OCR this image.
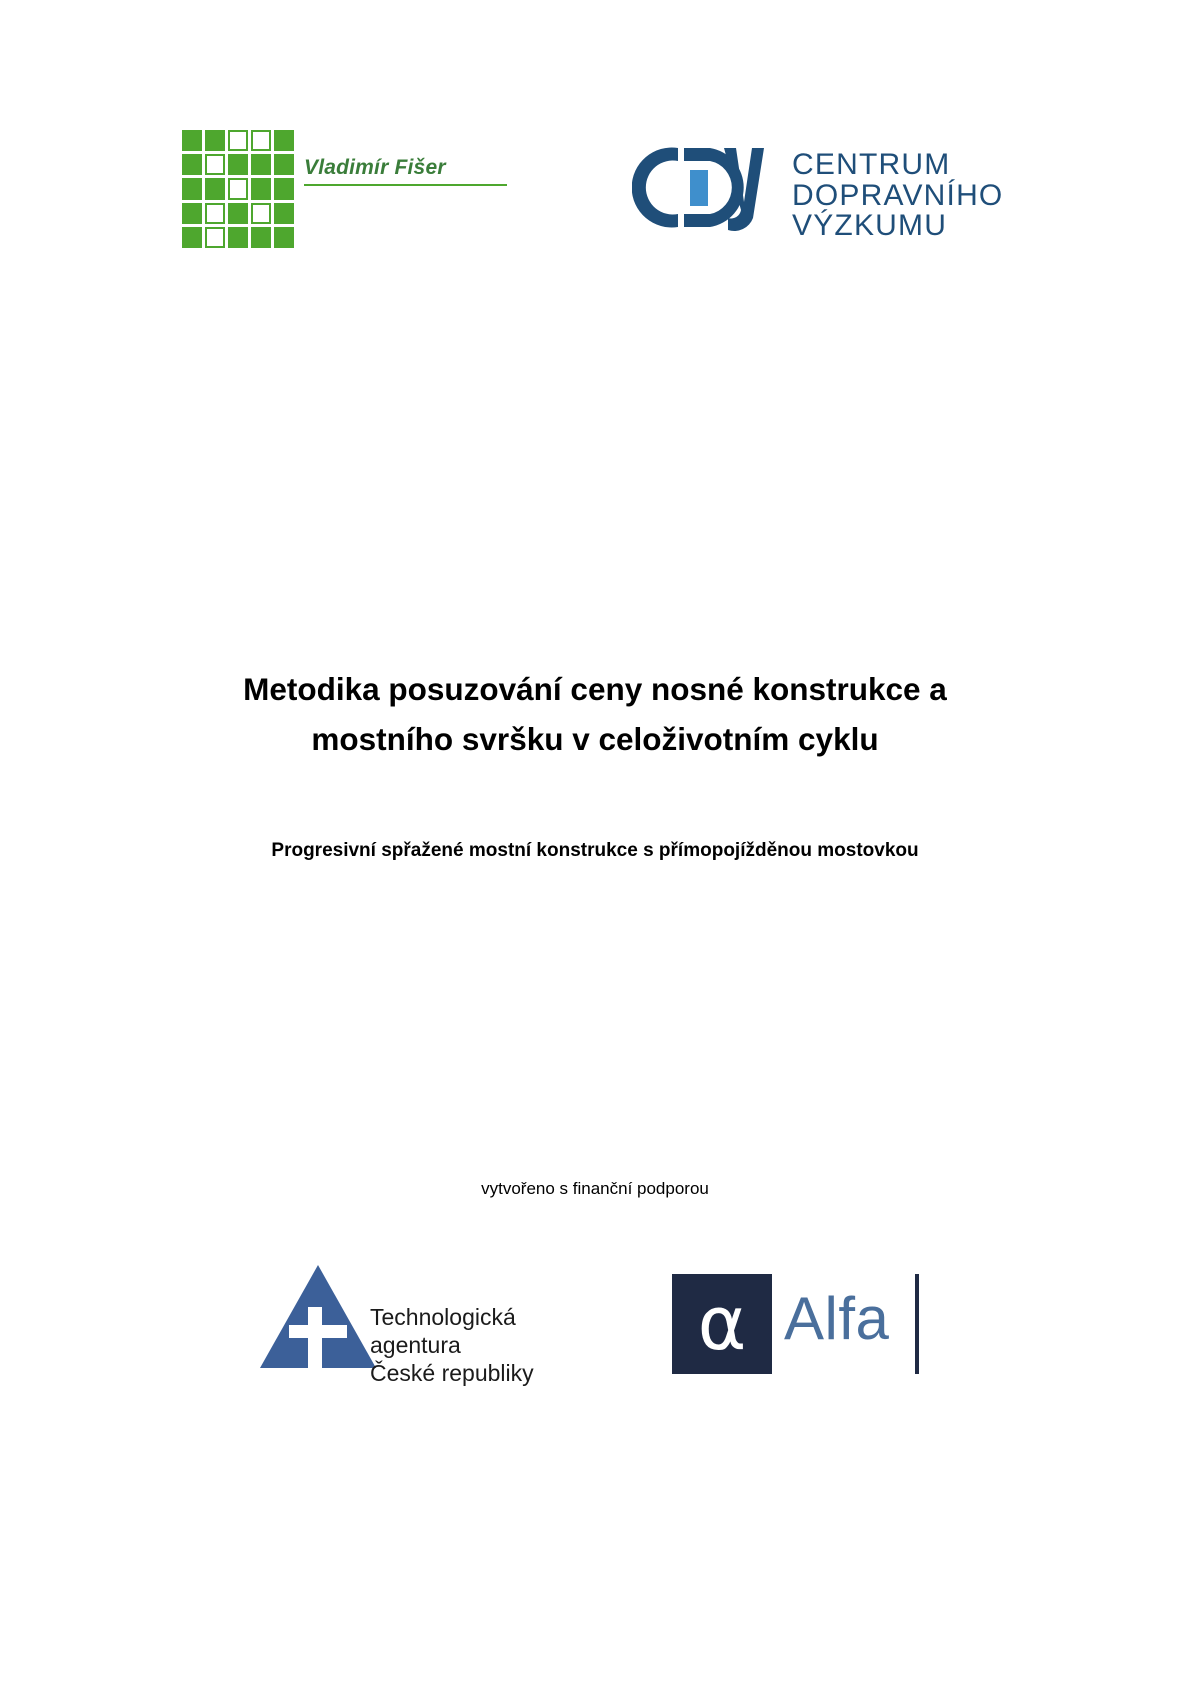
Vladimír Fišer	CENTRUM
DOPRAVNÍHO
VÝZKUMU
Metodika posuzování ceny nosné konstrukce a
mostního svršku v celoživotním cyklu
Progresivní spřažené mostní konstrukce s přímopojížděnou mostovkou
vytvořeno s finanční podporou
Technologická agentura
České republiky
α Alfa
